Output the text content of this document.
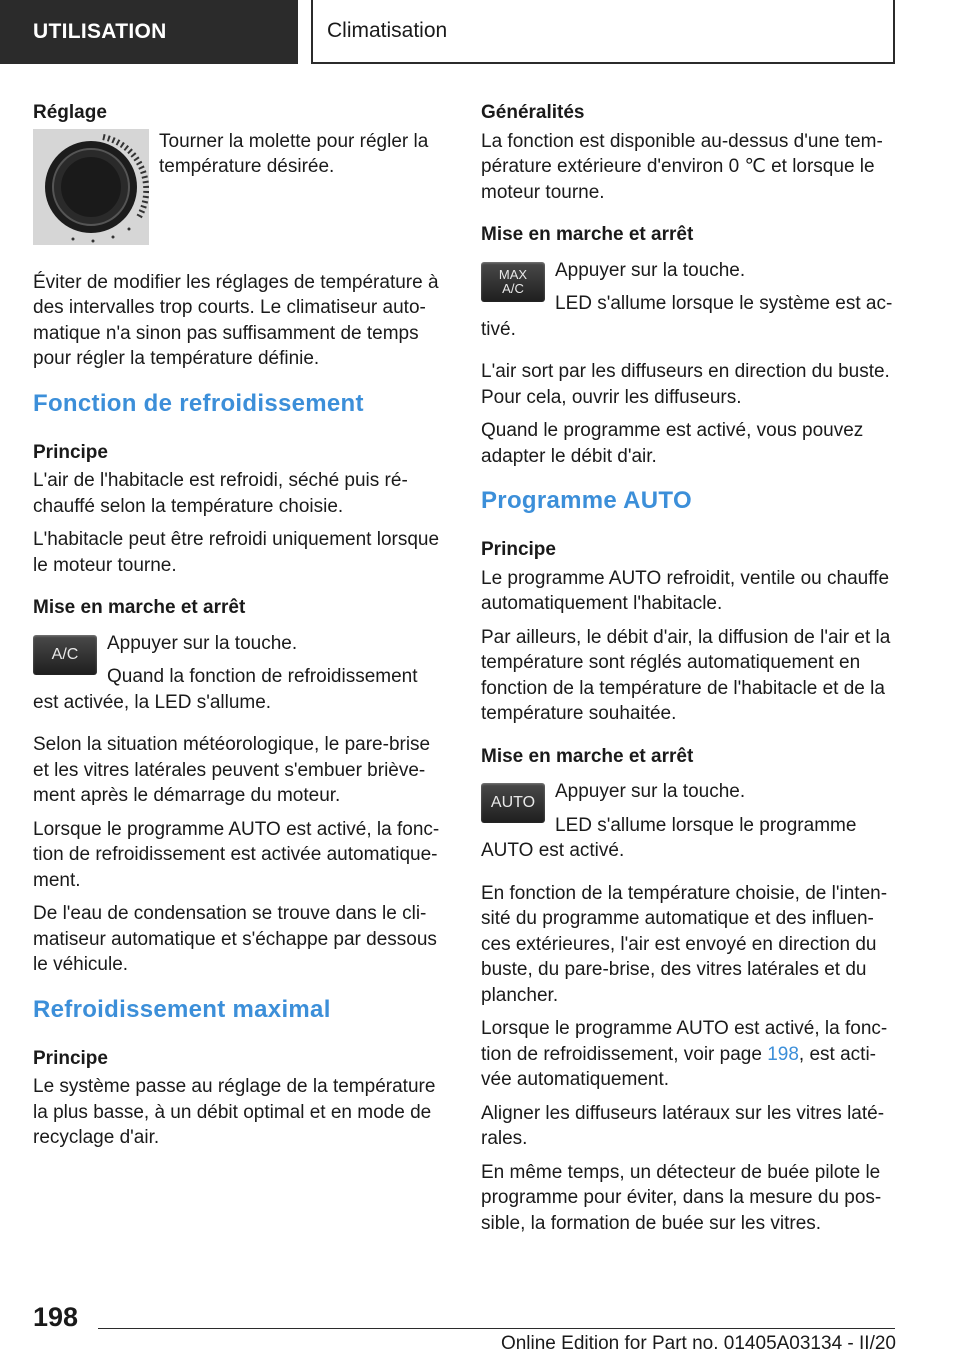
UTILISATION	Climatisation
Réglage

Tourner la molette pour régler la température désirée.

Éviter de modifier les réglages de température à des intervalles trop courts. Le climatiseur auto‐matique n'a sinon pas suffisamment de temps pour régler la température définie.

Fonction de refroidissement
Principe

L'air de l'habitacle est refroidi, séché puis ré‐chauffé selon la température choisie.

L'habitacle peut être refroidi uniquement lorsque le moteur tourne.

Mise en marche et arrêt
A/C

Appuyer sur la touche.

Quand la fonction de refroidissement est activée, la LED s'allume.

Selon la situation météorologique, le pare-brise et les vitres latérales peuvent s'embuer briève‐ment après le démarrage du moteur.

Lorsque le programme AUTO est activé, la fonc‐tion de refroidissement est activée automatique‐ment.

De l'eau de condensation se trouve dans le cli‐matiseur automatique et s'échappe par dessous le véhicule.

Refroidissement maximal
Principe

Le système passe au réglage de la température la plus basse, à un débit optimal et en mode de recyclage d'air.

Généralités

La fonction est disponible au-dessus d'une tem‐pérature extérieure d'environ 0 ℃ et lorsque le moteur tourne.

Mise en marche et arrêt
MAX
A/C

Appuyer sur la touche.

LED s'allume lorsque le système est ac‐tivé.

L'air sort par les diffuseurs en direction du buste. Pour cela, ouvrir les diffuseurs.

Quand le programme est activé, vous pouvez adapter le débit d'air.

Programme AUTO
Principe

Le programme AUTO refroidit, ventile ou chauffe automatiquement l'habitacle.

Par ailleurs, le débit d'air, la diffusion de l'air et la température sont réglés automatiquement en fonction de la température de l'habitacle et de la température souhaitée.

Mise en marche et arrêt
AUTO

Appuyer sur la touche.

LED s'allume lorsque le programme AUTO est activé.

En fonction de la température choisie, de l'inten‐sité du programme automatique et des influen‐ces extérieures, l'air est envoyé en direction du buste, du pare-brise, des vitres latérales et du plancher.

Lorsque le programme AUTO est activé, la fonc‐tion de refroidissement, voir page 198, est acti‐vée automatiquement.

Aligner les diffuseurs latéraux sur les vitres laté‐rales.

En même temps, un détecteur de buée pilote le programme pour éviter, dans la mesure du pos‐sible, la formation de buée sur les vitres.

198
Online Edition for Part no. 01405A03134 - II/20
